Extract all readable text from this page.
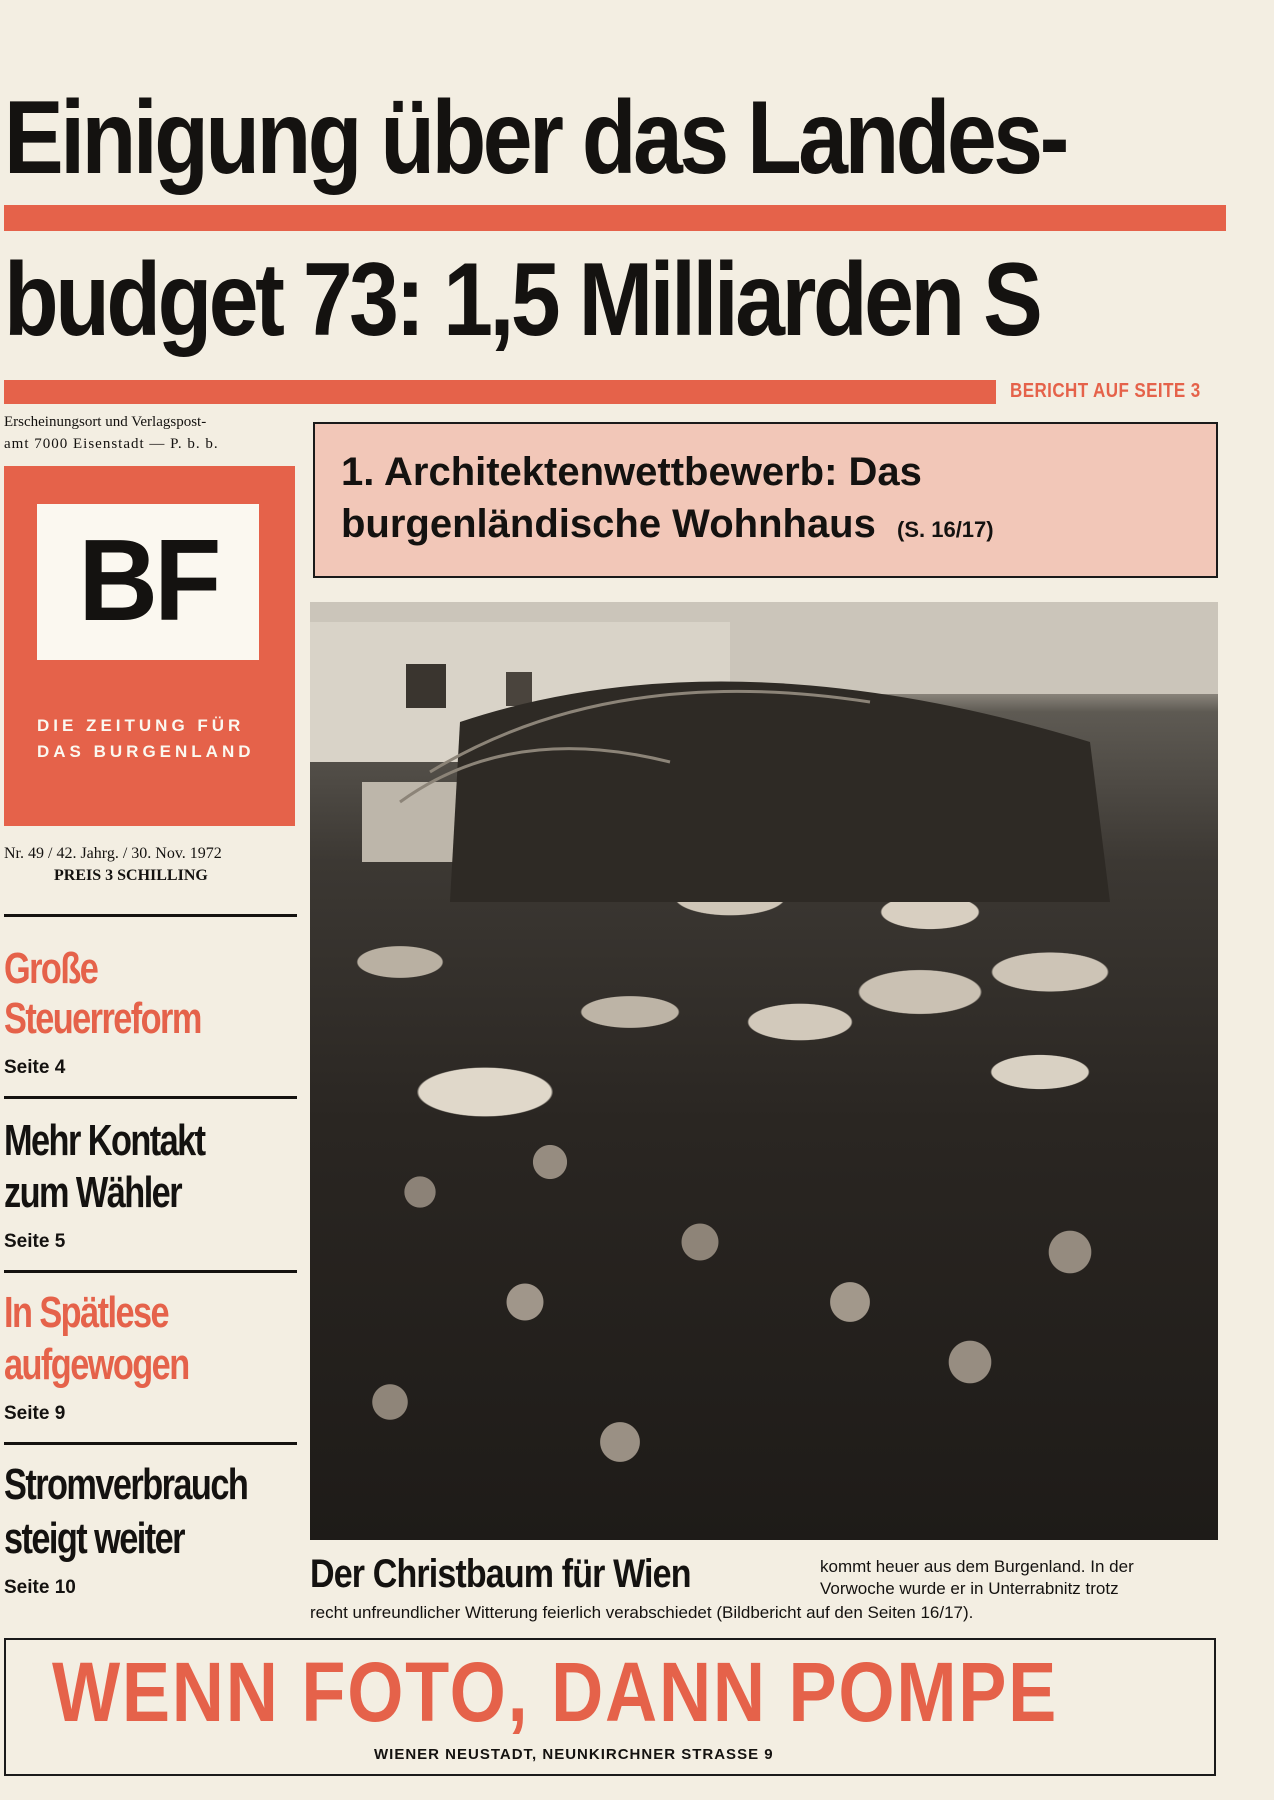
Einigung über das Landes-
budget 73: 1,5 Milliarden S
BERICHT AUF SEITE 3
Erscheinungsort und Verlagspost-
amt 7000 Eisenstadt — P. b. b.
BF
DIE ZEITUNG FÜR
DAS BURGENLAND
Nr. 49 / 42. Jahrg. / 30. Nov. 1972
PREIS 3 SCHILLING
Große
Steuerreform
Seite 4
Mehr Kontakt
zum Wähler
Seite 5
In Spätlese
aufgewogen
Seite 9
Stromverbrauch
steigt weiter
Seite 10
1. Architektenwettbewerb: Das
burgenländische Wohnhaus (S. 16/17)
Der Christbaum für Wien	kommt heuer aus dem Burgenland. In der
Vorwoche wurde er in Unterrabnitz trotz
recht unfreundlicher Witterung feierlich verabschiedet (Bildbericht auf den Seiten 16/17).
WENN FOTO, DANN POMPE
WIENER NEUSTADT, NEUNKIRCHNER STRASSE 9
